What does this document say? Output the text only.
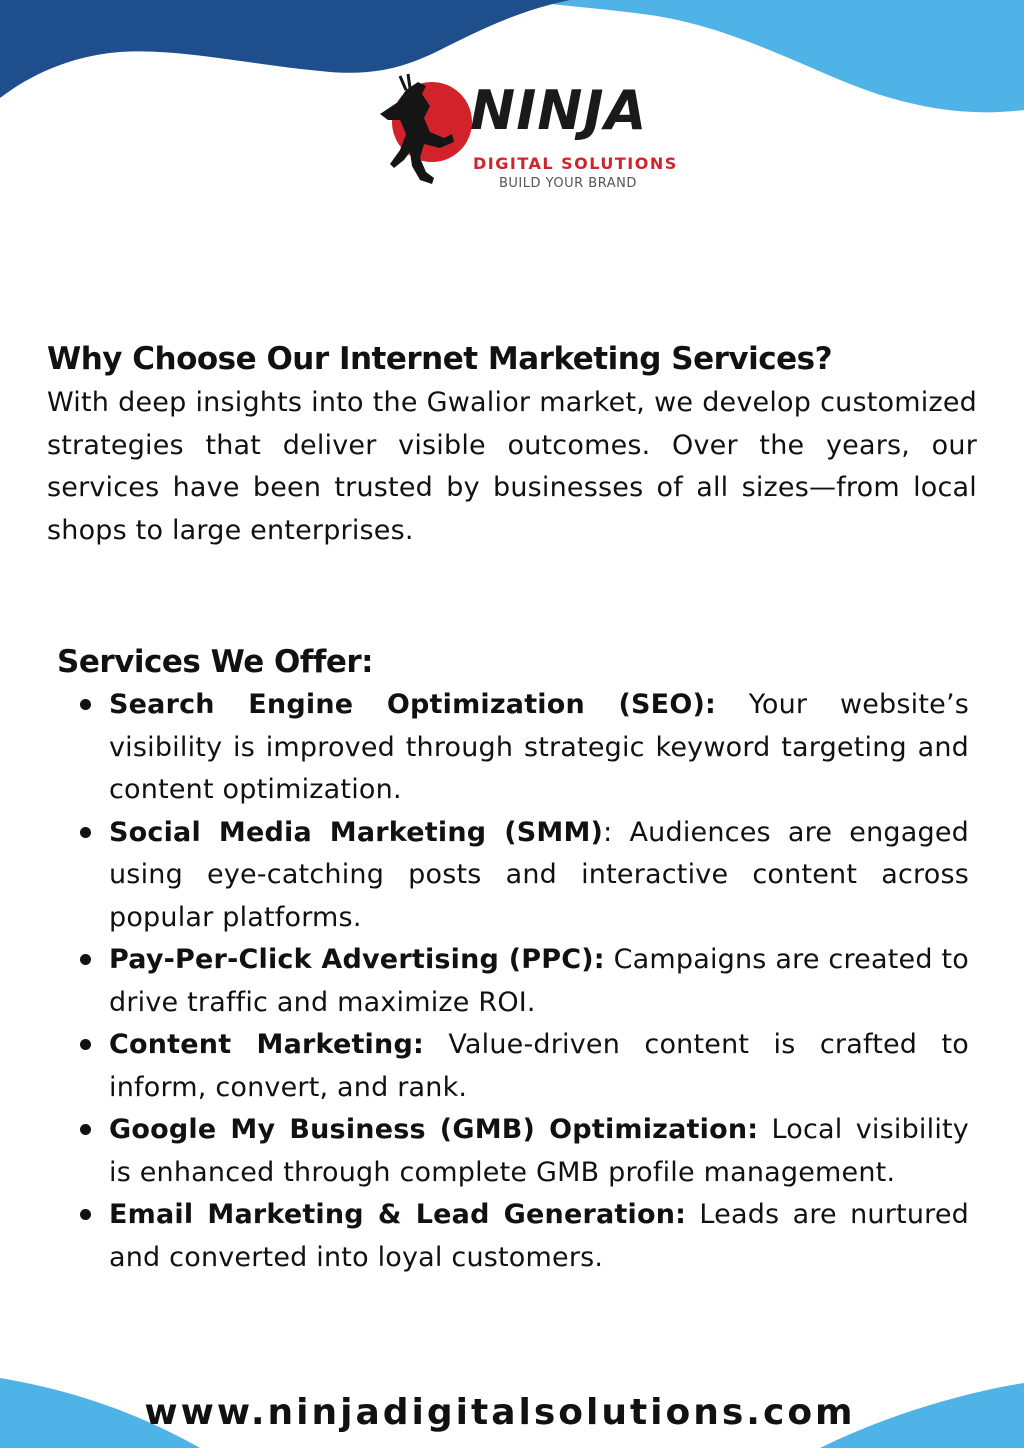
NINJA
DIGITAL SOLUTIONS
BUILD YOUR BRAND
Why Choose Our Internet Marketing Services?

With deep insights into the Gwalior market, we develop customized strategies that deliver visible outcomes. Over the years, our services have been trusted by businesses of all sizes—from local shops to large enterprises.

Services We Offer:
Search Engine Optimization (SEO): Your website’s visibility is improved through strategic keyword targeting and content optimization.
Social Media Marketing (SMM): Audiences are engaged using eye-catching posts and interactive content across popular platforms.
Pay-Per-Click Advertising (PPC): Campaigns are created to drive traffic and maximize ROI.
Content Marketing: Value-driven content is crafted to inform, convert, and rank.
Google My Business (GMB) Optimization: Local visibility is enhanced through complete GMB profile management.
Email Marketing & Lead Generation: Leads are nurtured and converted into loyal customers.
www.ninjadigitalsolutions.com
